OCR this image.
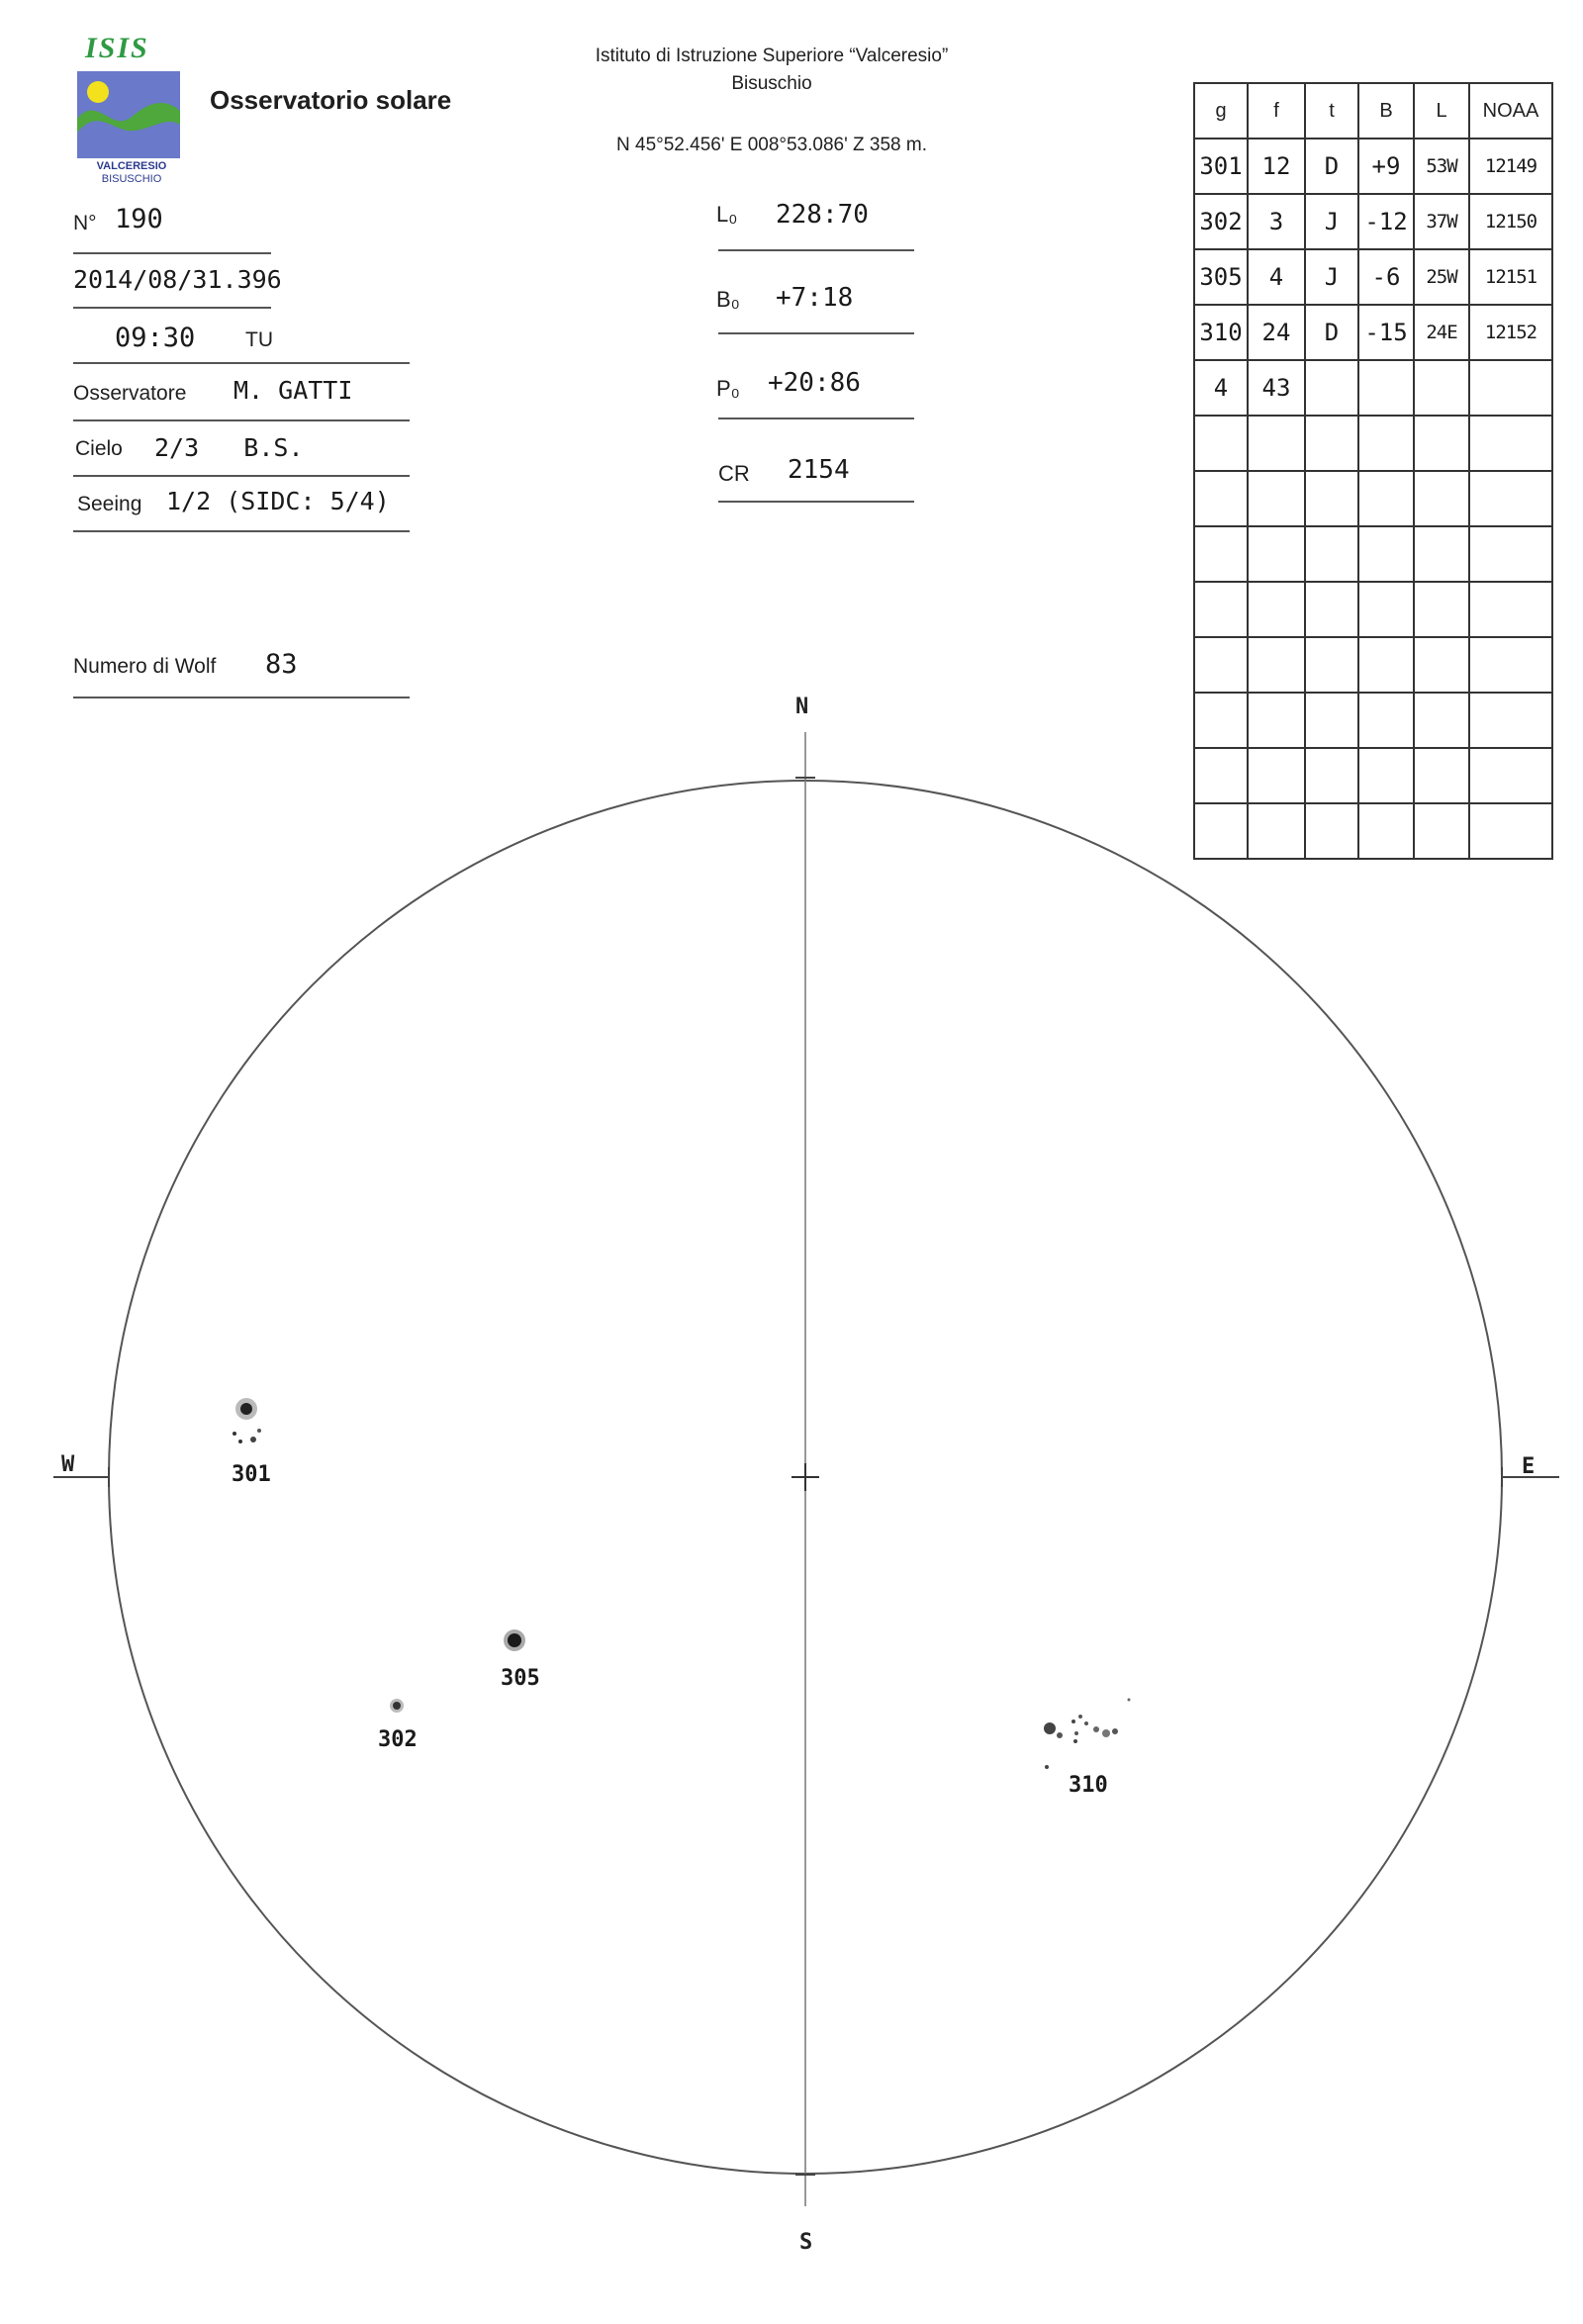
ISIS
VALCERESIO
BISUSCHIO
Osservatorio solare
Istituto di Istruzione Superiore “Valceresio”
Bisuschio
N 45°52.456' E 008°53.086' Z 358 m.
N° 190
2014/08/31.396
09:30 TU
Osservatore M. GATTI
Cielo 2/3   B.S.
Seeing 1/2 (SIDC: 5/4)
Numero di Wolf 83
L₀ 228:70
B₀ +7:18
P₀ +20:86
CR 2154
g	f	t	B	L	NOAA
301	12	D	+9	53W	12149
302	3	J	-12	37W	12150
305	4	J	-6	25W	12151
310	24	D	-15	24E	12152
4	43				

N
S
W	E
301
302
305
310
